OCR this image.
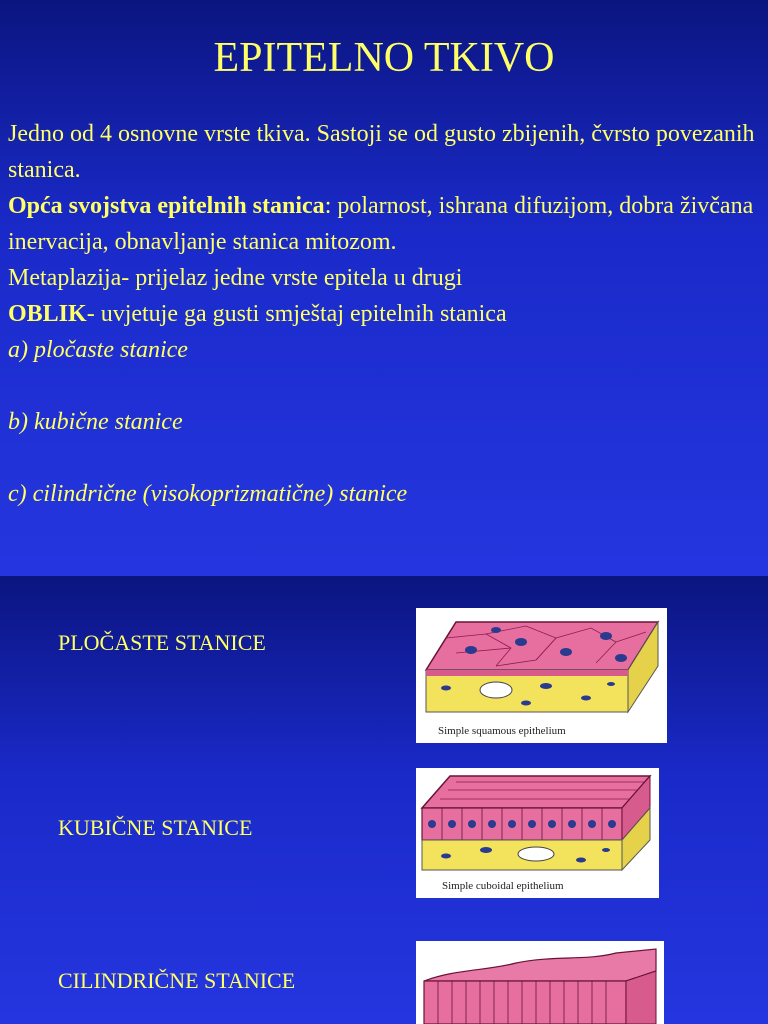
EPITELNO TKIVO

Jedno od 4 osnovne vrste tkiva. Sastoji se od gusto zbijenih, čvrsto povezanih stanica.

Opća svojstva epitelnih stanica: polarnost, ishrana difuzijom, dobra živčana inervacija, obnavljanje stanica mitozom.

Metaplazija- prijelaz jedne vrste epitela u drugi

OBLIK- uvjetuje ga gusti smještaj epitelnih stanica

a) pločaste stanice

b) kubične stanice

c) cilindrične (visokoprizmatične) stanice

PLOČASTE STANICE
KUBIČNE STANICE
CILINDRIČNE STANICE
Simple squamous epithelium
Simple cuboidal epithelium
